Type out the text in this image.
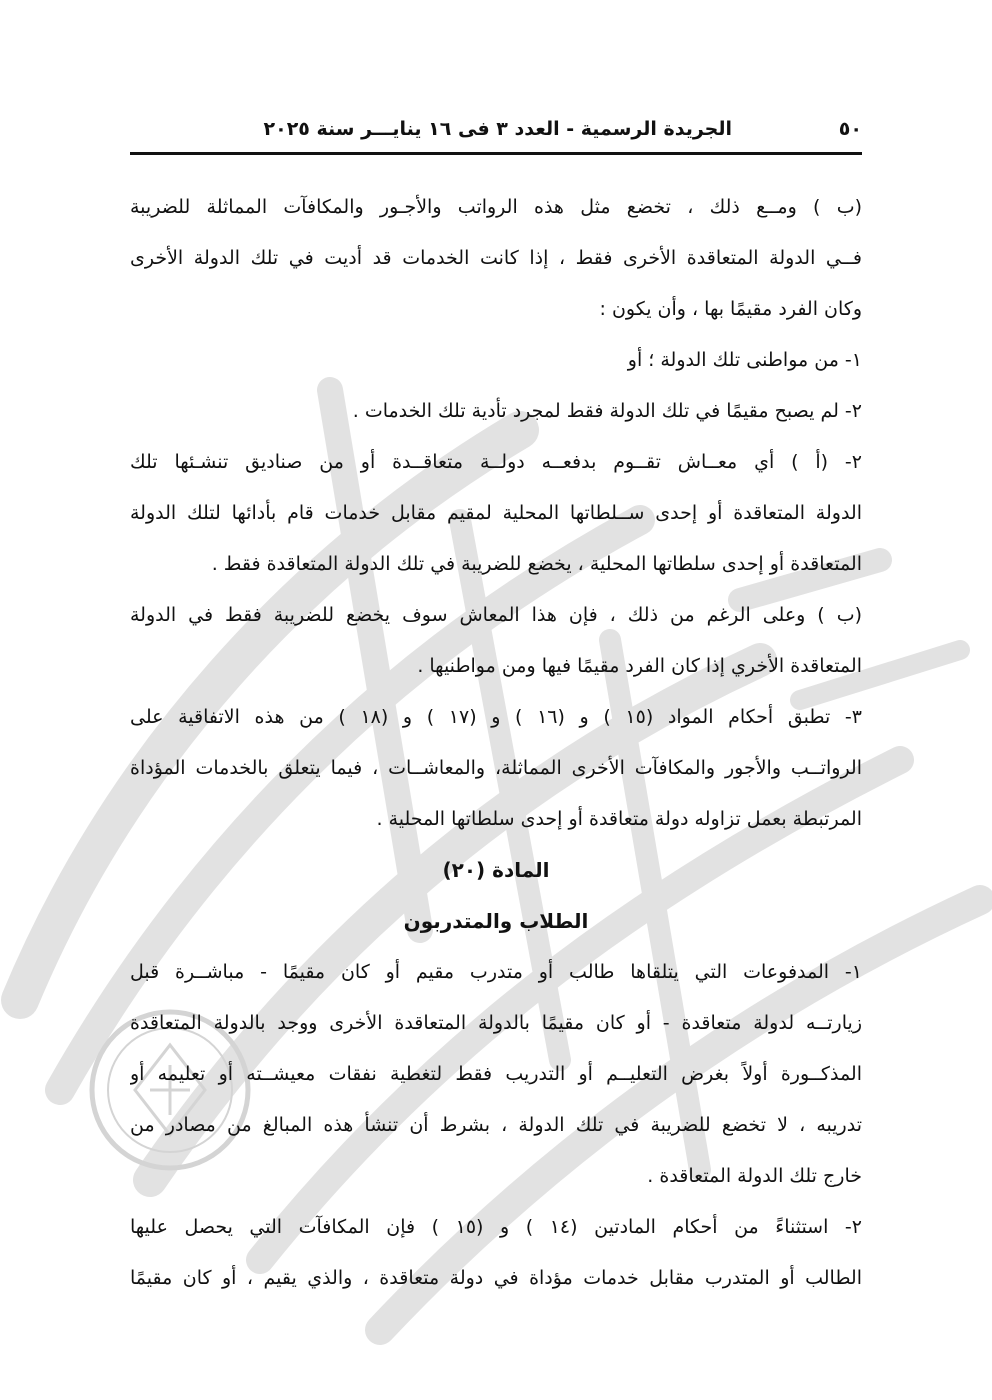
الجريدة الرسمية - العدد ٣ فى ١٦ ينايـــر سنة ٢٠٢٥	٥٠
(ب ) ومــع ذلك ، تخضع مثل هذه الرواتب والأجـور والمكافآت المماثلة للضريبة
فــي الدولة المتعاقدة الأخرى فقط ، إذا كانت الخدمات قد أديت في تلك الدولة الأخرى
وكان الفرد مقيمًا بها ، وأن يكون :
١- من مواطنى تلك الدولة ؛ أو
٢- لم يصبح مقيمًا في تلك الدولة فقط لمجرد تأدية تلك الخدمات .
٢- (أ ) أي معــاش تقــوم بدفعــه دولــة متعاقــدة أو من صناديق تنشـئها تلك
الدولة المتعاقدة أو إحدى ســلطاتها المحلية لمقيم مقابل خدمات قام بأدائها لتلك الدولة
المتعاقدة أو إحدى سلطاتها المحلية ، يخضع للضريبة في تلك الدولة المتعاقدة فقط .
(ب ) وعلى الرغم من ذلك ، فإن هذا المعاش سوف يخضع للضريبة فقط في الدولة
المتعاقدة الأخري إذا كان الفرد مقيمًا فيها ومن مواطنيها .
٣- تطبق أحكام المواد (١٥ ) و (١٦ ) و (١٧ ) و (١٨ ) من هذه الاتفاقية على
الرواتــب والأجور والمكافآت الأخرى المماثلة، والمعاشــات ، فيما يتعلق بالخدمات المؤداة
المرتبطة بعمل تزاوله دولة متعاقدة أو إحدى سلطاتها المحلية .
المادة (٢٠)
الطلاب والمتدربون
١- المدفوعات التي يتلقاها طالب أو متدرب مقيم أو كان مقيمًا - مباشــرة قبل
زيارتــه لدولة متعاقدة - أو كان مقيمًا بالدولة المتعاقدة الأخرى ووجد بالدولة المتعاقدة
المذكــورة أولاً بغرض التعليــم أو التدريب فقط لتغطية نفقات معيشــته أو تعليمه أو
تدريبه ، لا تخضع للضريبة في تلك الدولة ، بشرط أن تنشأ هذه المبالغ من مصادر من
خارج تلك الدولة المتعاقدة .
٢- استثناءً من أحكام المادتين (١٤ ) و (١٥ ) فإن المكافآت التي يحصل عليها
الطالب أو المتدرب مقابل خدمات مؤداة في دولة متعاقدة ، والذي يقيم ، أو كان مقيمًا
